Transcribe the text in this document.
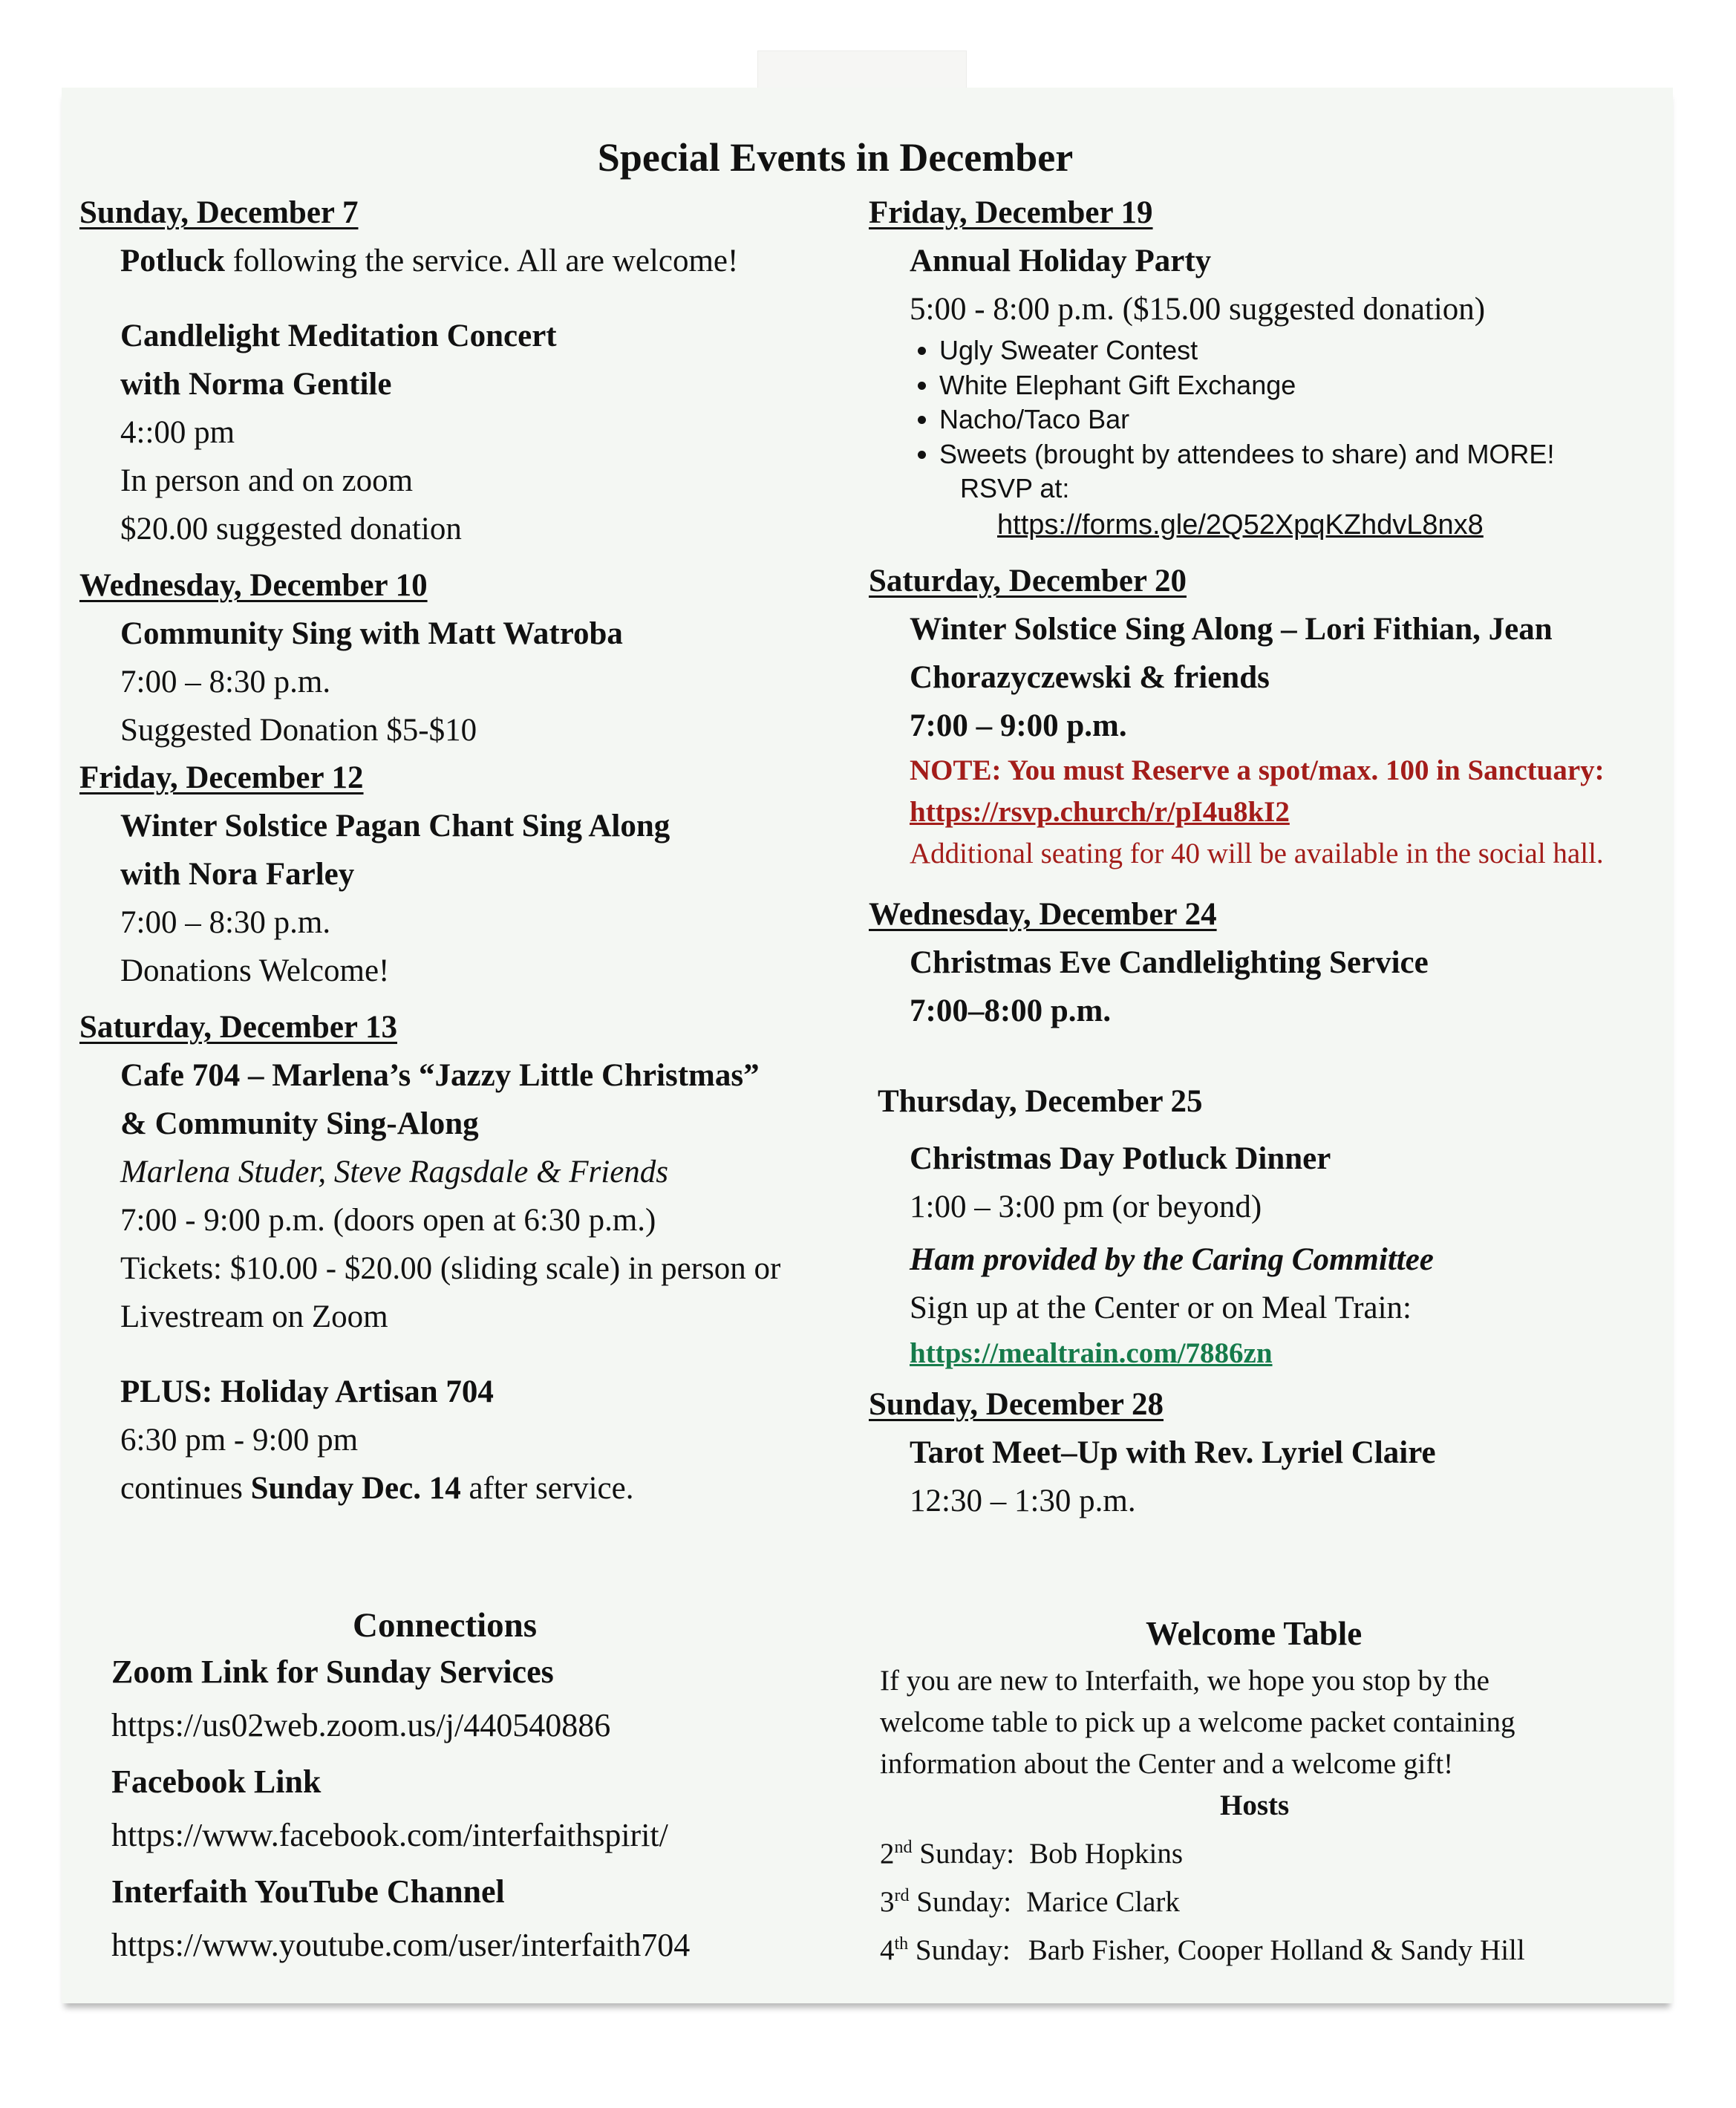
Special Events in December

Sunday, December 7

Potluck following the service. All are welcome!

Candlelight Meditation Concert

with Norma Gentile

4::00 pm

In person and on zoom

$20.00 suggested donation

Wednesday, December 10

Community Sing with Matt Watroba

7:00 – 8:30 p.m.

Suggested Donation $5-$10

Friday, December 12

Winter Solstice Pagan Chant Sing Along

with Nora Farley

7:00 – 8:30 p.m.

Donations Welcome!

Saturday, December 13

Cafe 704 – Marlena’s “Jazzy Little Christmas”

& Community Sing-Along

Marlena Studer, Steve Ragsdale & Friends

7:00 - 9:00 p.m. (doors open at 6:30 p.m.)

Tickets: $10.00 - $20.00 (sliding scale) in person or

Livestream on Zoom

PLUS: Holiday Artisan 704

6:30 pm - 9:00 pm

continues Sunday Dec. 14 after service.

Friday, December 19

Annual Holiday Party

5:00 - 8:00 p.m. ($15.00 suggested donation)

• Ugly Sweater Contest
• White Elephant Gift Exchange
• Nacho/Taco Bar
• Sweets (brought by attendees to share) and MORE!

RSVP at:

https://forms.gle/2Q52XpqKZhdvL8nx8

Saturday, December 20

Winter Solstice Sing Along – Lori Fithian, Jean

Chorazyczewski & friends

7:00 – 9:00 p.m.

NOTE: You must Reserve a spot/max. 100 in Sanctuary:

https://rsvp.church/r/pI4u8kI2

Additional seating for 40 will be available in the social hall.

Wednesday, December 24

Christmas Eve Candlelighting Service

7:00–8:00 p.m.

Thursday, December 25

Christmas Day Potluck Dinner

1:00 – 3:00 pm (or beyond)

Ham provided by the Caring Committee

Sign up at the Center or on Meal Train:

https://mealtrain.com/7886zn

Sunday, December 28

Tarot Meet–Up with Rev. Lyriel Claire

12:30 – 1:30 p.m.

Connections

Zoom Link for Sunday Services

https://us02web.zoom.us/j/440540886

Facebook Link

https://www.facebook.com/interfaithspirit/

Interfaith YouTube Channel

https://www.youtube.com/user/interfaith704

Welcome Table

If you are new to Interfaith, we hope you stop by the

welcome table to pick up a welcome packet containing

information about the Center and a welcome gift!

Hosts

2nd Sunday: Bob Hopkins

3rd Sunday: Marice Clark

4th Sunday: Barb Fisher, Cooper Holland & Sandy Hill
